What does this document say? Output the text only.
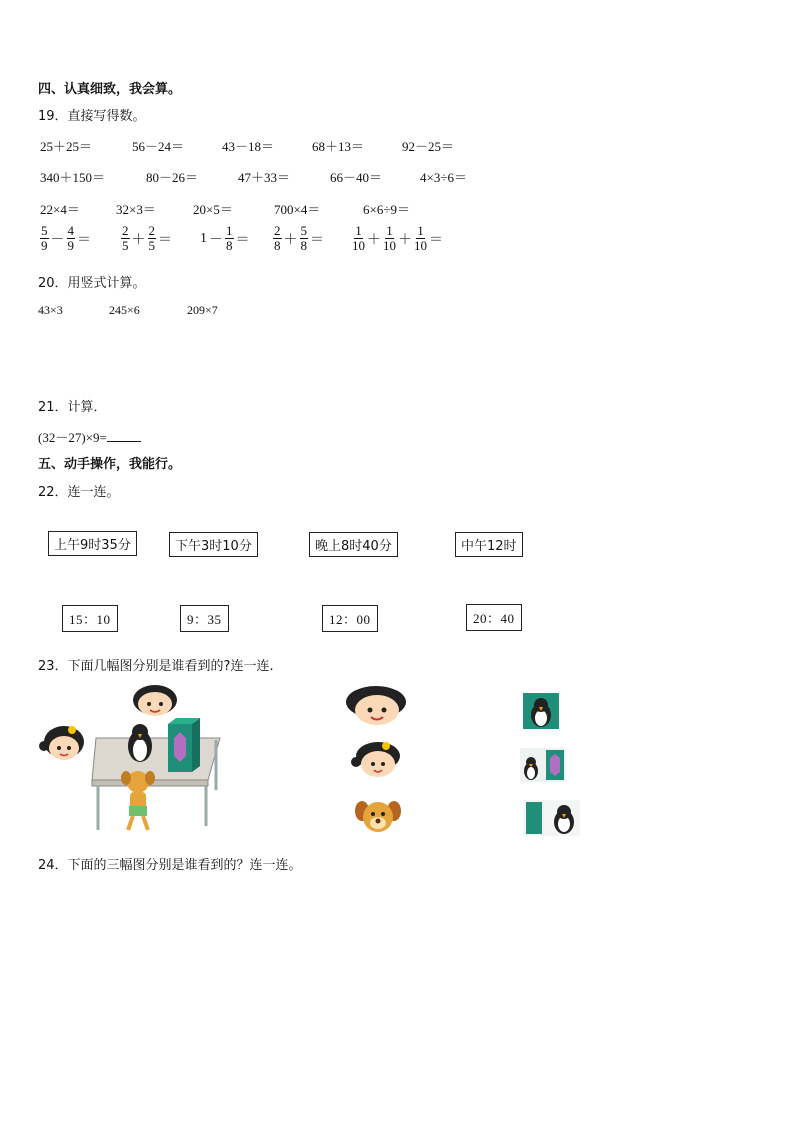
四、认真细致，我会算。
19．直接写得数。
25＋25＝	56－24＝	43－18＝	68＋13＝	92－25＝
340＋150＝	80－26＝	47＋33＝	66－40＝	4×3÷6＝
22×4＝	32×3＝	20×5＝	700×4＝	6×6÷9＝
$\frac{5}{9} - \frac{4}{9} = \frac{2}{5} + \frac{2}{5} = 1 - \frac{1}{8} = \frac{2}{8} + \frac{5}{8} = \frac{1}{10} + \frac{1}{10} + \frac{1}{10}$ ＝
20．用竖式计算。
43×3	245×6	209×7
21．计算．
(32－27)×9=
五、动手操作，我能行。
22．连一连。
上午9时35分	下午3时10分	晚上8时40分	中午12时
15：10	9：35	12：00	20：40
23．下面几幅图分别是谁看到的?连一连.
24．下面的三幅图分别是谁看到的？连一连。
